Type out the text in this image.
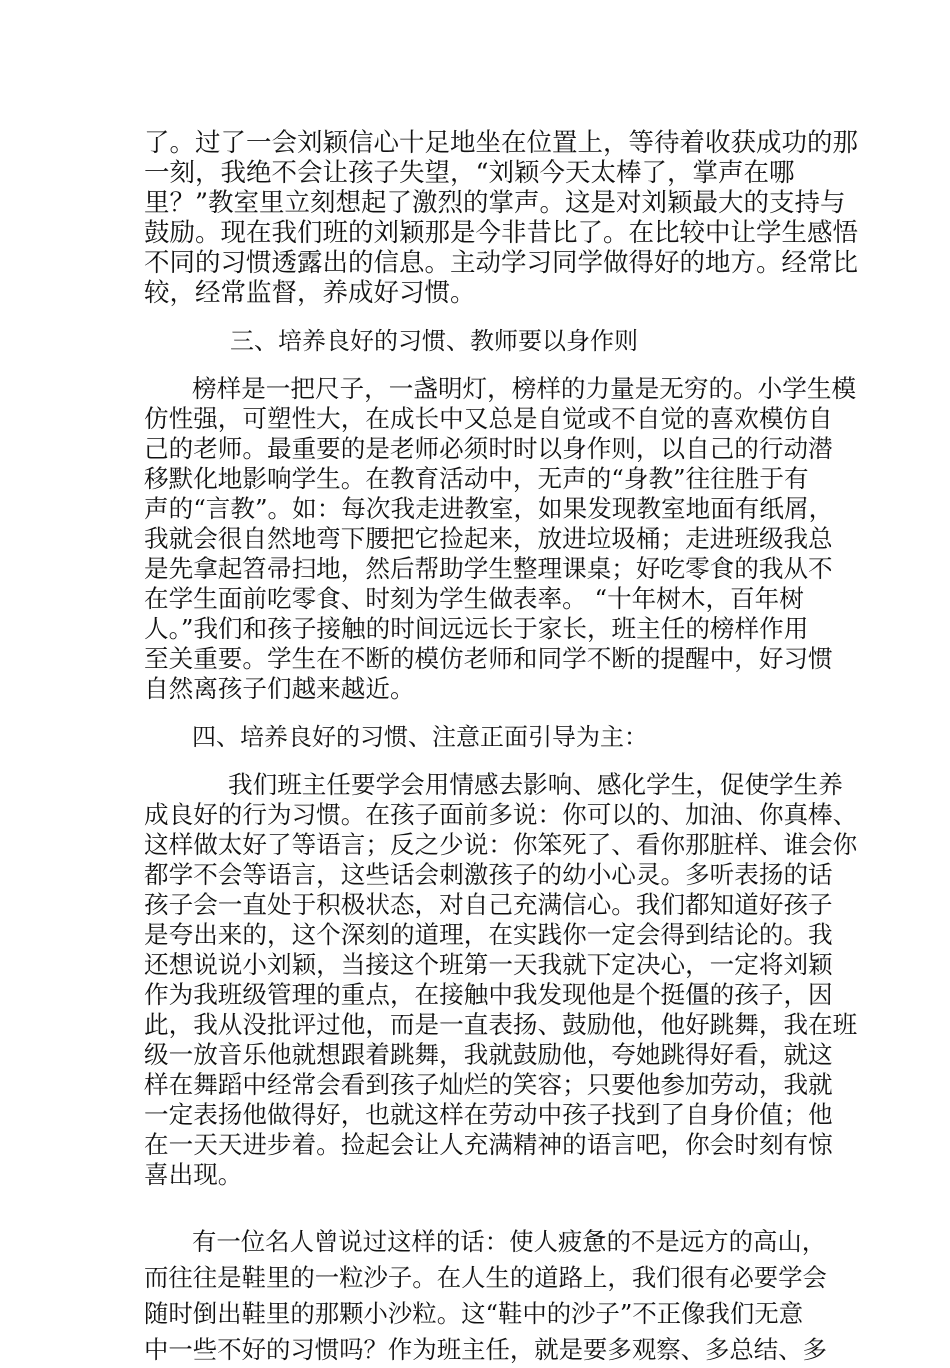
了。过了一会刘颖信心十足地坐在位置上，等待着收获成功的那

一刻，我绝不会让孩子失望，“刘颖今天太棒了，掌声在哪

里？”教室里立刻想起了激烈的掌声。这是对刘颖最大的支持与

鼓励。现在我们班的刘颖那是今非昔比了。在比较中让学生感悟

不同的习惯透露出的信息。主动学习同学做得好的地方。经常比

较，经常监督，养成好习惯。

三、培养良好的习惯、教师要以身作则

榜样是一把尺子，一盏明灯，榜样的力量是无穷的。小学生模

仿性强，可塑性大，在成长中又总是自觉或不自觉的喜欢模仿自

己的老师。最重要的是老师必须时时以身作则，以自己的行动潜

移默化地影响学生。在教育活动中，无声的“身教”往往胜于有

声的“言教”。如：每次我走进教室，如果发现教室地面有纸屑，

我就会很自然地弯下腰把它捡起来，放进垃圾桶；走进班级我总

是先拿起笤帚扫地，然后帮助学生整理课桌；好吃零食的我从不

在学生面前吃零食、时刻为学生做表率。 “十年树木，百年树

人。”我们和孩子接触的时间远远长于家长，班主任的榜样作用

至关重要。学生在不断的模仿老师和同学不断的提醒中，好习惯

自然离孩子们越来越近。

四、培养良好的习惯、注意正面引导为主：

我们班主任要学会用情感去影响、感化学生，促使学生养

成良好的行为习惯。在孩子面前多说：你可以的、加油、你真棒、

这样做太好了等语言；反之少说：你笨死了、看你那脏样、谁会你

都学不会等语言，这些话会刺激孩子的幼小心灵。多听表扬的话

孩子会一直处于积极状态，对自己充满信心。我们都知道好孩子

是夸出来的，这个深刻的道理，在实践你一定会得到结论的。我

还想说说小刘颖，当接这个班第一天我就下定决心，一定将刘颖

作为我班级管理的重点，在接触中我发现他是个挺僵的孩子，因

此，我从没批评过他，而是一直表扬、鼓励他，他好跳舞，我在班

级一放音乐他就想跟着跳舞，我就鼓励他，夸她跳得好看，就这

样在舞蹈中经常会看到孩子灿烂的笑容；只要他参加劳动，我就

一定表扬他做得好，也就这样在劳动中孩子找到了自身价值；他

在一天天进步着。捡起会让人充满精神的语言吧，你会时刻有惊

喜出现。

有一位名人曾说过这样的话：使人疲惫的不是远方的高山，

而往往是鞋里的一粒沙子。在人生的道路上，我们很有必要学会

随时倒出鞋里的那颗小沙粒。这“鞋中的沙子”不正像我们无意

中一些不好的习惯吗？作为班主任，就是要多观察、多总结、多
